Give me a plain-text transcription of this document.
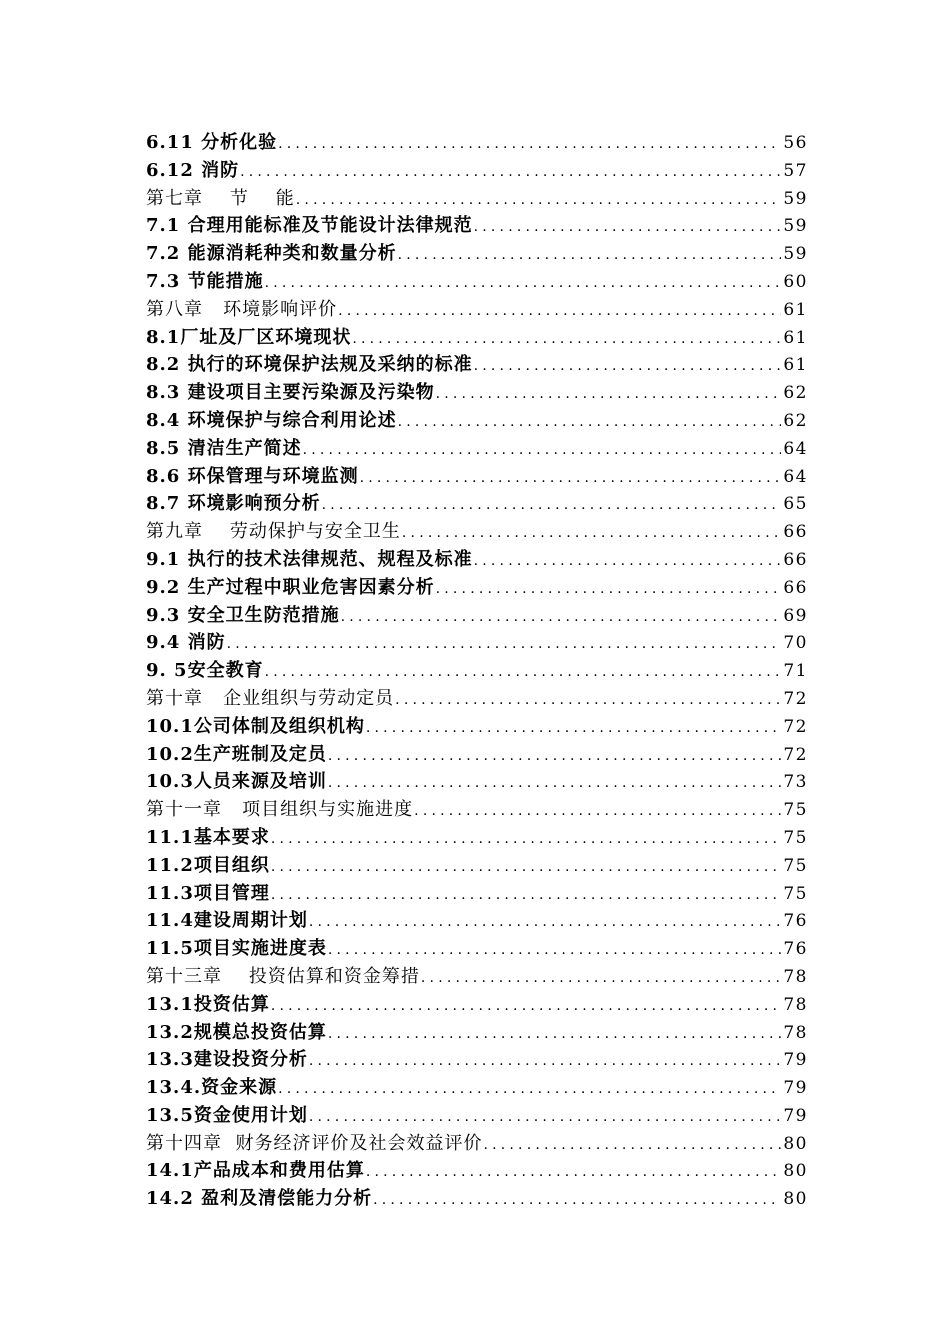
6.11 分析化验 .....	56
6.12 消防 .....	57
第七章    节    能 .....	59
7.1 合理用能标准及节能设计法律规范 .....	59
7.2 能源消耗种类和数量分析 .....	59
7.3 节能措施 .....	60
第八章   环境影响评价 .....	61
8.1厂址及厂区环境现状 .....	61
8.2 执行的环境保护法规及采纳的标准 .....	61
8.3 建设项目主要污染源及污染物 .....	62
8.4 环境保护与综合利用论述 .....	62
8.5 清洁生产简述 .....	64
8.6 环保管理与环境监测 .....	64
8.7 环境影响预分析 .....	65
第九章    劳动保护与安全卫生 .....	66
9.1 执行的技术法律规范、规程及标准 .....	66
9.2 生产过程中职业危害因素分析 .....	66
9.3 安全卫生防范措施 .....	69
9.4 消防 .....	70
9. 5安全教育 .....	71
第十章   企业组织与劳动定员 .....	72
10.1公司体制及组织机构 .....	72
10.2生产班制及定员 .....	72
10.3人员来源及培训 .....	73
第十一章   项目组织与实施进度 .....	75
11.1基本要求 .....	75
11.2项目组织 .....	75
11.3项目管理 .....	75
11.4建设周期计划 .....	76
11.5项目实施进度表 .....	76
第十三章    投资估算和资金筹措 .....	78
13.1投资估算 .....	78
13.2规模总投资估算 .....	78
13.3建设投资分析 .....	79
13.4.资金来源 .....	79
13.5资金使用计划 .....	79
第十四章  财务经济评价及社会效益评价 .....	80
14.1产品成本和费用估算 .....	80
14.2 盈利及清偿能力分析 .....	80
